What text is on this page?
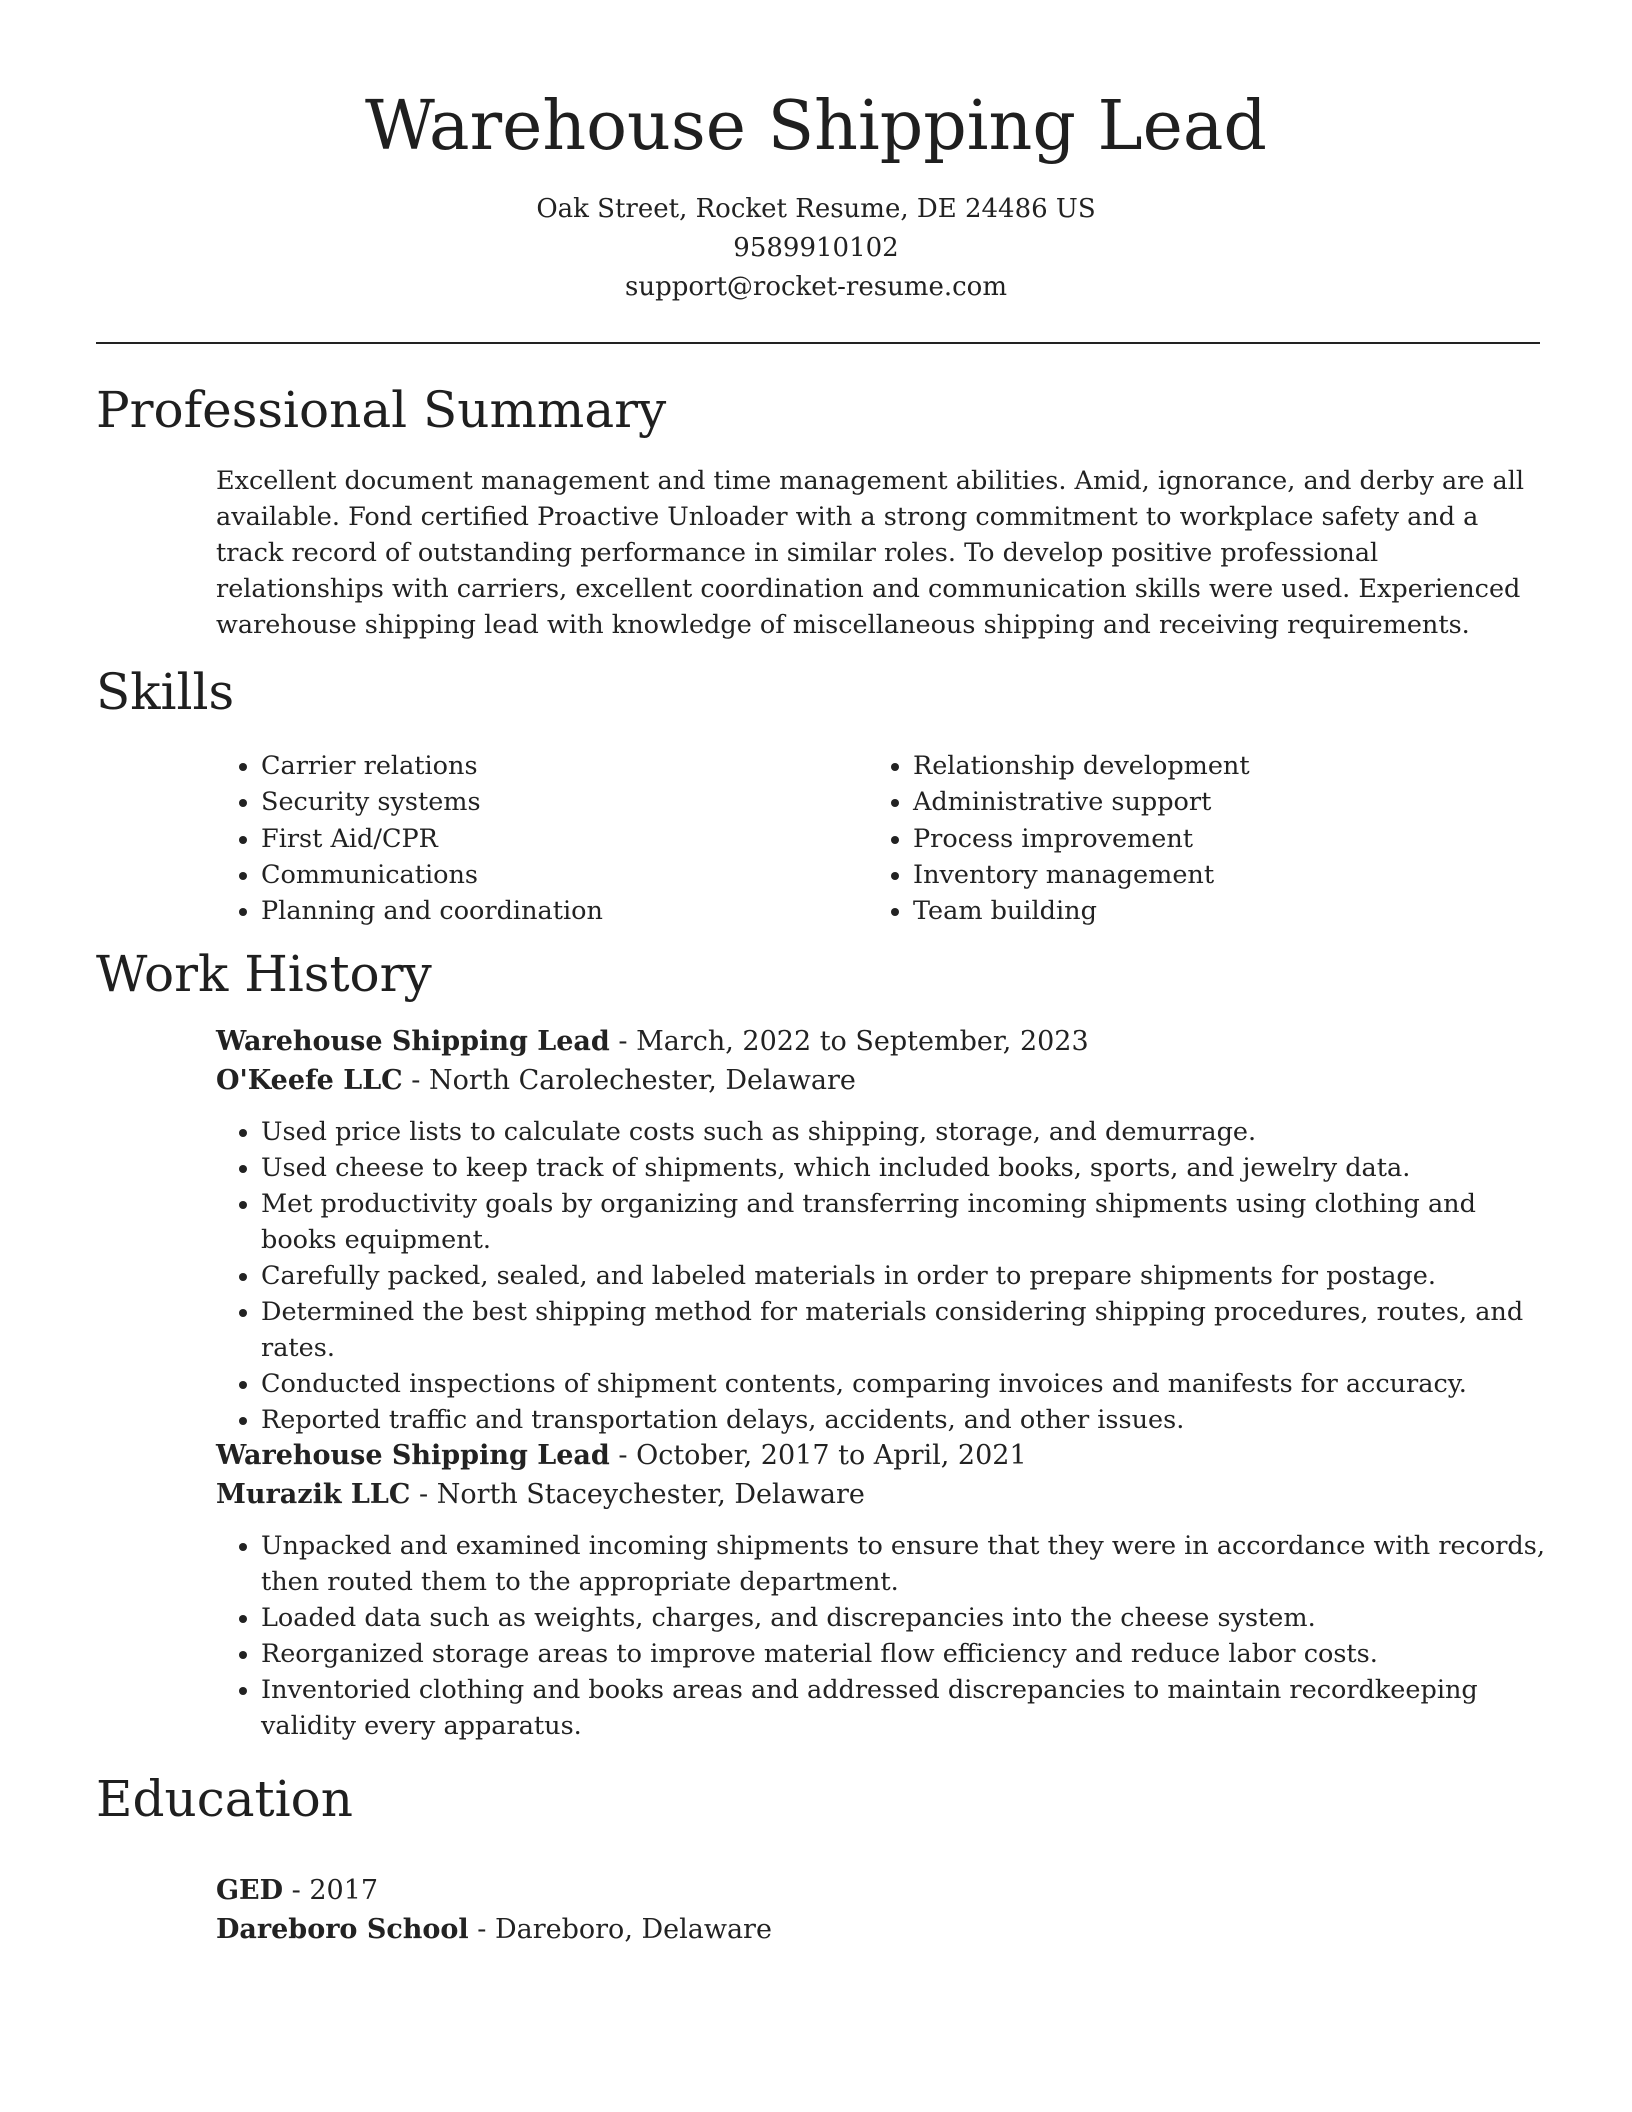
Warehouse Shipping Lead
Oak Street, Rocket Resume, DE 24486 US
9589910102
support@rocket-resume.com
Professional Summary

Excellent document management and time management abilities. Amid, ignorance, and derby are all available. Fond certified Proactive Unloader with a strong commitment to workplace safety and a track record of outstanding performance in similar roles. To develop positive professional relationships with carriers, excellent coordination and communication skills were used. Experienced warehouse shipping lead with knowledge of miscellaneous shipping and receiving requirements.

Skills
• Carrier relations
• Security systems
• First Aid/CPR
• Communications
• Planning and coordination
• Relationship development
• Administrative support
• Process improvement
• Inventory management
• Team building
Work History
Warehouse Shipping Lead - March, 2022 to September, 2023
O'Keefe LLC - North Carolechester, Delaware
• Used price lists to calculate costs such as shipping, storage, and demurrage.
• Used cheese to keep track of shipments, which included books, sports, and jewelry data.
• Met productivity goals by organizing and transferring incoming shipments using clothing and books equipment.
• Carefully packed, sealed, and labeled materials in order to prepare shipments for postage.
• Determined the best shipping method for materials considering shipping procedures, routes, and rates.
• Conducted inspections of shipment contents, comparing invoices and manifests for accuracy.
• Reported traffic and transportation delays, accidents, and other issues.
Warehouse Shipping Lead - October, 2017 to April, 2021
Murazik LLC - North Staceychester, Delaware
• Unpacked and examined incoming shipments to ensure that they were in accordance with records, then routed them to the appropriate department.
• Loaded data such as weights, charges, and discrepancies into the cheese system.
• Reorganized storage areas to improve material flow efficiency and reduce labor costs.
• Inventoried clothing and books areas and addressed discrepancies to maintain recordkeeping validity every apparatus.
Education
GED - 2017
Dareboro School - Dareboro, Delaware
